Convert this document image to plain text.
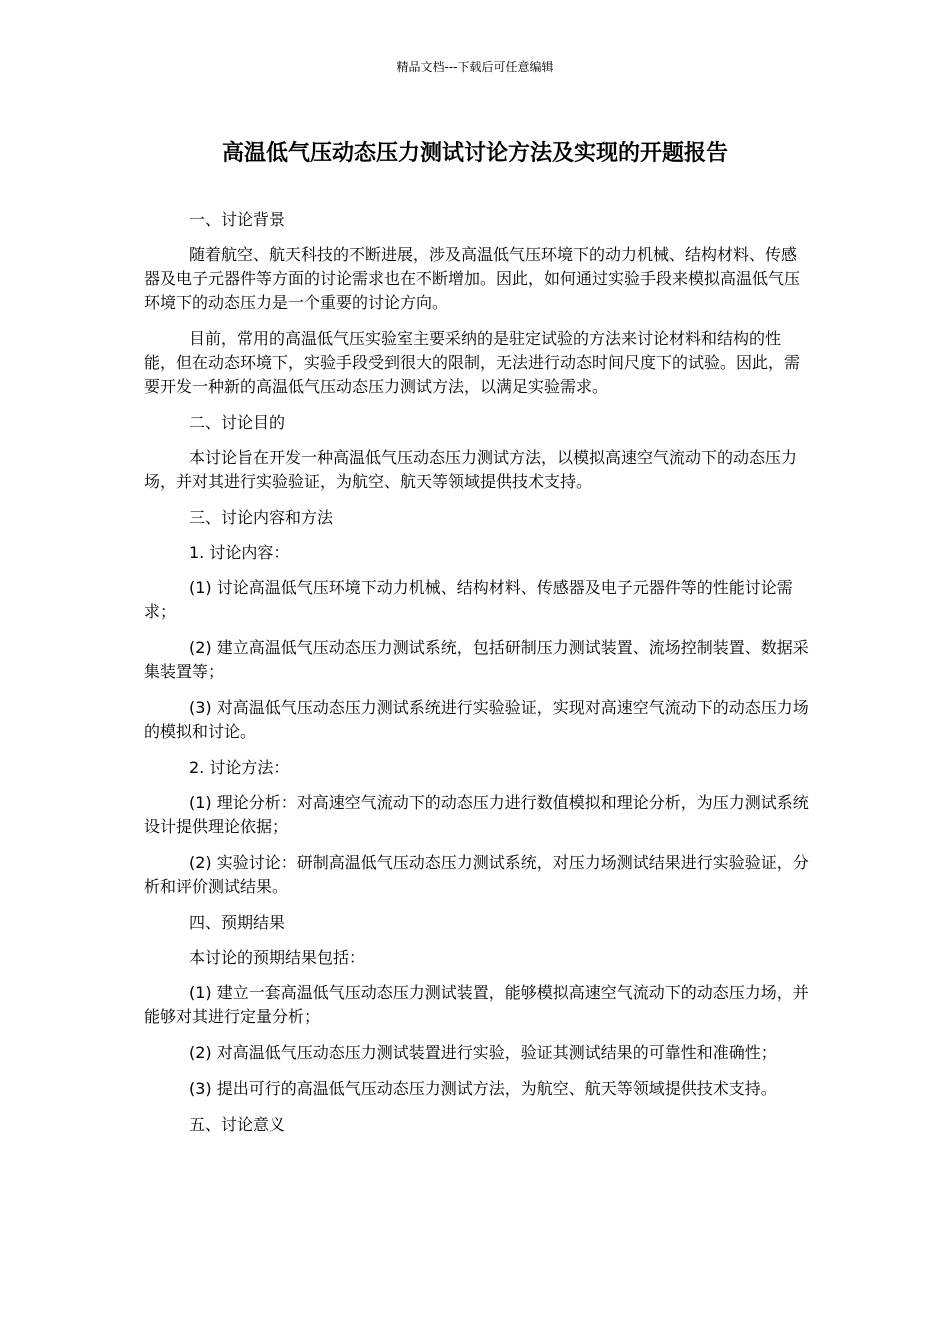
精品文档---下载后可任意编辑
高温低气压动态压力测试讨论方法及实现的开题报告

一、讨论背景

随着航空、航天科技的不断进展，涉及高温低气压环境下的动力机械、结构材料、传感器及电子元器件等方面的讨论需求也在不断增加。因此，如何通过实验手段来模拟高温低气压环境下的动态压力是一个重要的讨论方向。

目前，常用的高温低气压实验室主要采纳的是驻定试验的方法来讨论材料和结构的性能，但在动态环境下，实验手段受到很大的限制，无法进行动态时间尺度下的试验。因此，需要开发一种新的高温低气压动态压力测试方法，以满足实验需求。

二、讨论目的

本讨论旨在开发一种高温低气压动态压力测试方法，以模拟高速空气流动下的动态压力场，并对其进行实验验证，为航空、航天等领域提供技术支持。

三、讨论内容和方法

1. 讨论内容：

(1) 讨论高温低气压环境下动力机械、结构材料、传感器及电子元器件等的性能讨论需求；

(2) 建立高温低气压动态压力测试系统，包括研制压力测试装置、流场控制装置、数据采集装置等；

(3) 对高温低气压动态压力测试系统进行实验验证，实现对高速空气流动下的动态压力场的模拟和讨论。

2. 讨论方法：

(1) 理论分析：对高速空气流动下的动态压力进行数值模拟和理论分析，为压力测试系统设计提供理论依据；

(2) 实验讨论：研制高温低气压动态压力测试系统，对压力场测试结果进行实验验证，分析和评价测试结果。

四、预期结果

本讨论的预期结果包括：

(1) 建立一套高温低气压动态压力测试装置，能够模拟高速空气流动下的动态压力场，并能够对其进行定量分析；

(2) 对高温低气压动态压力测试装置进行实验，验证其测试结果的可靠性和准确性；

(3) 提出可行的高温低气压动态压力测试方法，为航空、航天等领域提供技术支持。

五、讨论意义
